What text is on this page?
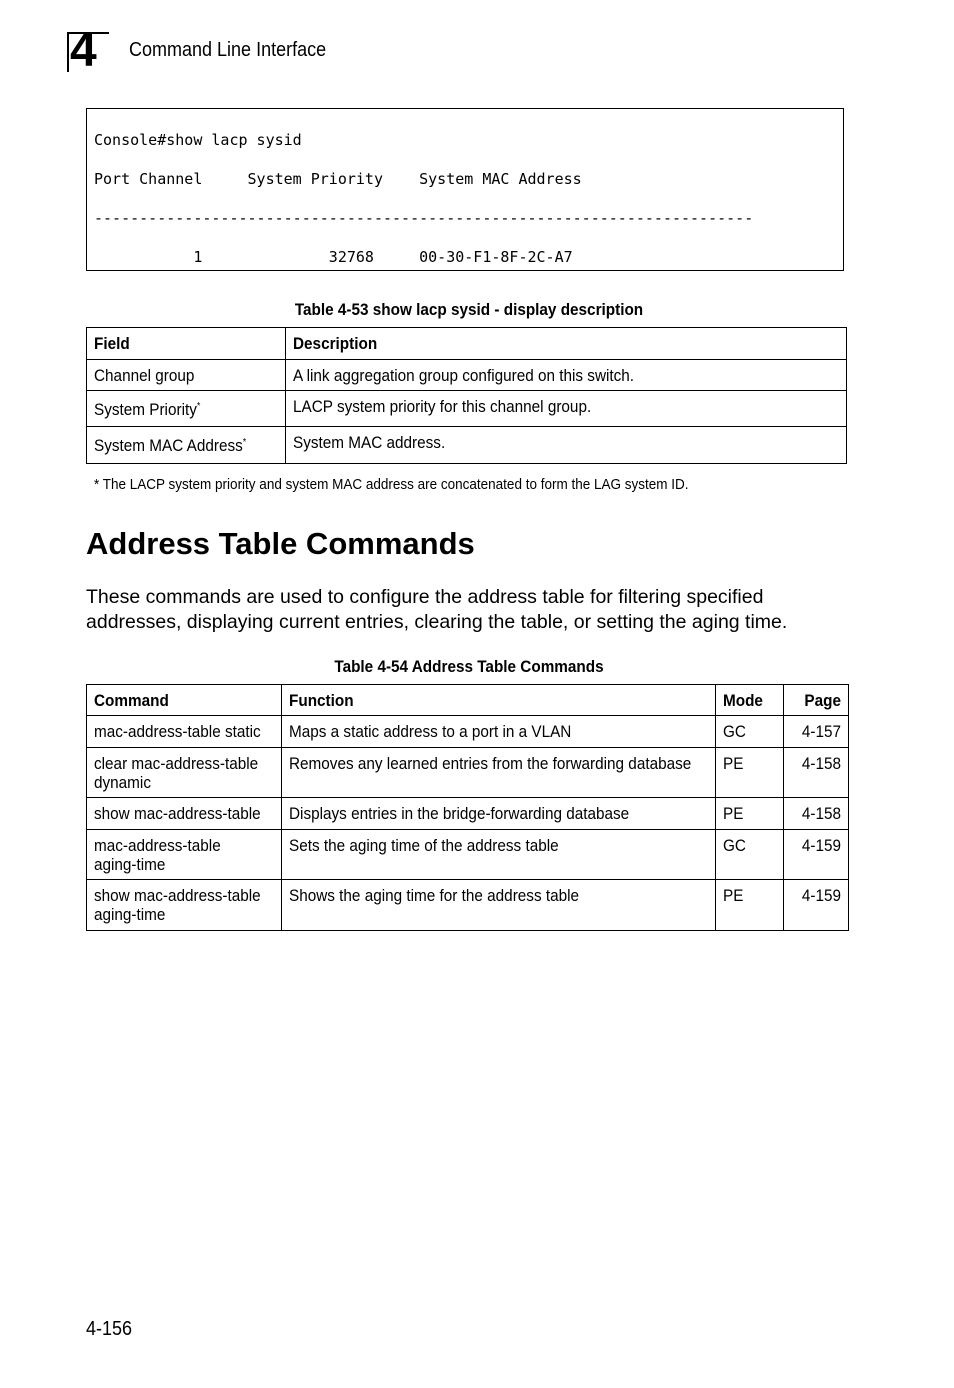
4 Command Line Interface

Console#show lacp sysid

Port Channel     System Priority    System MAC Address

-------------------------------------------------------------------------

1              32768     00-30-F1-8F-2C-A7

Table 4-53 show lacp sysid - display description
Field	Description

Channel group	A link aggregation group configured on this switch.

System Priority*	LACP system priority for this channel group.

System MAC Address*	System MAC address.
* The LACP system priority and system MAC address are concatenated to form the LAG system ID.
Address Table Commands

These commands are used to configure the address table for filtering specified addresses, displaying current entries, clearing the table, or setting the aging time.

Table 4-54 Address Table Commands
Command	Function	Mode	Page

mac-address-table static	Maps a static address to a port in a VLAN	GC	4-157

clear mac-address-table dynamic	Removes any learned entries from the forwarding database	PE	4-158

show mac-address-table	Displays entries in the bridge-forwarding database	PE	4-158

mac-address-table aging-time	Sets the aging time of the address table	GC	4-159

show mac-address-table aging-time	Shows the aging time for the address table	PE	4-159
4-156
